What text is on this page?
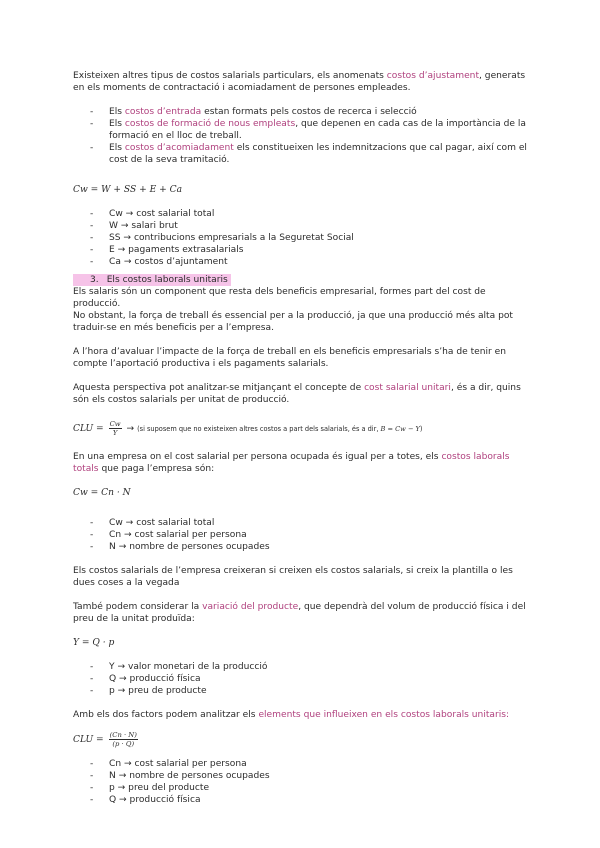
Existeixen altres tipus de costos salarials particulars, els anomenats costos d’ajustament, generats
en els moments de contractació i acomiadament de persones empleades.

- Els costos d’entrada estan formats pels costos de recerca i selecció
- Els costos de formació de nous empleats, que depenen en cada cas de la importància de la
formació en el lloc de treball.
- Els costos d’acomiadament els constitueixen les indemnitzacions que cal pagar, així com el
cost de la seva tramitació.

Cw = W + SS + E + Ca

- Cw → cost salarial total
- W → salari brut
- SS → contribucions empresarials a la Seguretat Social
- E → pagaments extrasalarials
- Ca → costos d’ajuntament

3. Els costos laborals unitaris

Els salaris són un component que resta dels beneficis empresarial, formes part del cost de producció.
No obstant, la força de treball és essencial per a la producció, ja que una producció més alta pot
traduir-se en més beneficis per a l’empresa.

A l’hora d’avaluar l’impacte de la força de treball en els beneficis empresarials s’ha de tenir en
compte l’aportació productiva i els pagaments salarials.

Aquesta perspectiva pot analitzar-se mitjançant el concepte de cost salarial unitari, és a dir, quins
són els costos salarials per unitat de producció.

CLU = $\frac{Cw}{Y} \to (si$ suposem que no existeixen altres costos a part dels salarials, és a dir, B = Cw − Y)

En una empresa on el cost salarial per persona ocupada és igual per a totes, els costos laborals
totals que paga l’empresa són:

Cw = Cn · N

- Cw → cost salarial total
- Cn → cost salarial per persona
- N → nombre de persones ocupades

Els costos salarials de l’empresa creixeran si creixen els costos salarials, si creix la plantilla o les
dues coses a la vegada

També podem considerar la variació del producte, que dependrà del volum de producció física i del
preu de la unitat produïda:

Y = Q · p

- Y → valor monetari de la producció
- Q → producció física
- p → preu de producte

Amb els dos factors podem analitzar els elements que influeixen en els costos laborals unitaris:

CLU = $\frac{(Cn \cdot N)}{(p \cdot Q)}$

- Cn → cost salarial per persona
- N → nombre de persones ocupades
- p → preu del producte
- Q → producció física
